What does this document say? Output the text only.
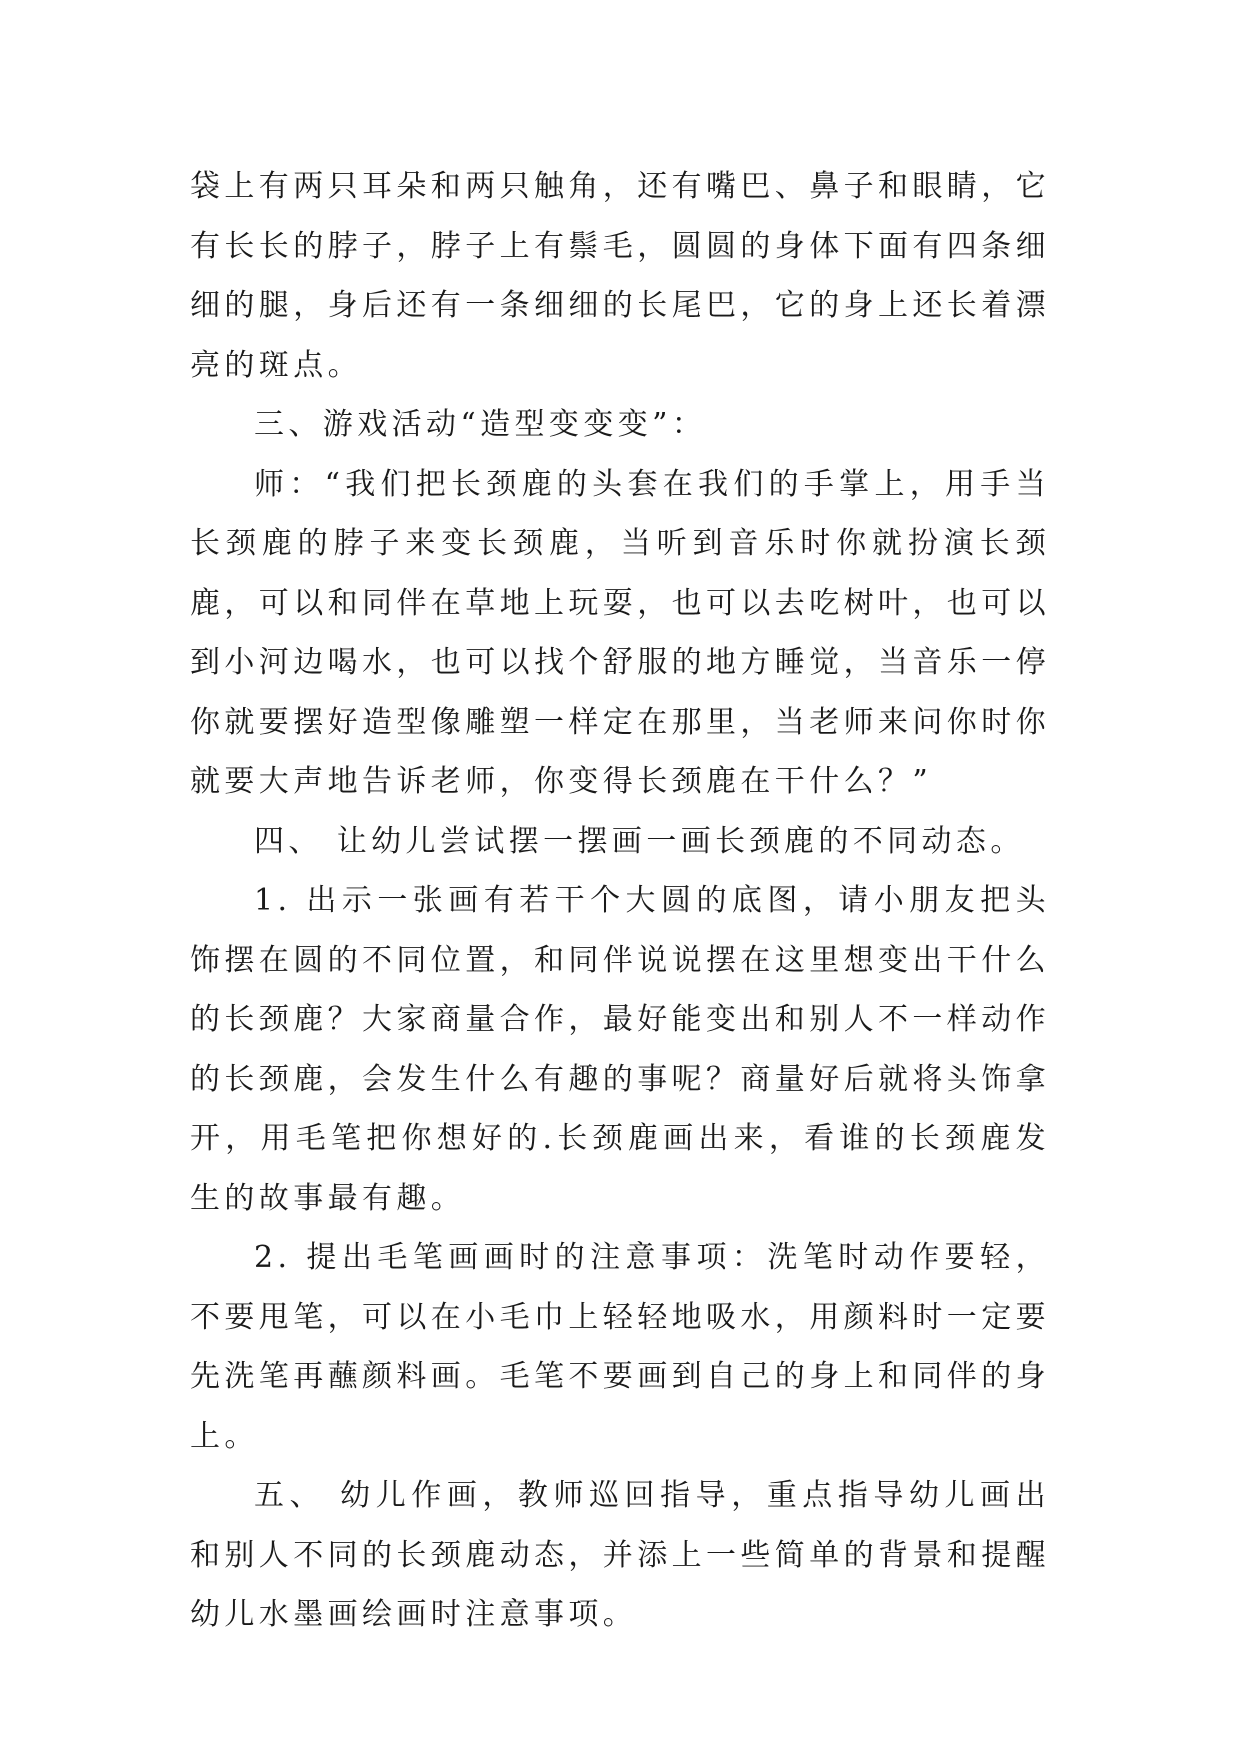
袋上有两只耳朵和两只触角，还有嘴巴、鼻子和眼睛，它有长长的脖子，脖子上有鬃毛，圆圆的身体下面有四条细细的腿，身后还有一条细细的长尾巴，它的身上还长着漂亮的斑点。

三、游戏活动“造型变变变”：

师：“我们把长颈鹿的头套在我们的手掌上，用手当长颈鹿的脖子来变长颈鹿，当听到音乐时你就扮演长颈鹿，可以和同伴在草地上玩耍，也可以去吃树叶，也可以到小河边喝水，也可以找个舒服的地方睡觉，当音乐一停你就要摆好造型像雕塑一样定在那里，当老师来问你时你就要大声地告诉老师，你变得长颈鹿在干什么？”

四、 让幼儿尝试摆一摆画一画长颈鹿的不同动态。

1. 出示一张画有若干个大圆的底图，请小朋友把头饰摆在圆的不同位置，和同伴说说摆在这里想变出干什么的长颈鹿？大家商量合作，最好能变出和别人不一样动作的长颈鹿，会发生什么有趣的事呢？商量好后就将头饰拿开，用毛笔把你想好的.长颈鹿画出来，看谁的长颈鹿发生的故事最有趣。

2. 提出毛笔画画时的注意事项：洗笔时动作要轻，不要甩笔，可以在小毛巾上轻轻地吸水，用颜料时一定要先洗笔再蘸颜料画。毛笔不要画到自己的身上和同伴的身上。

五、 幼儿作画，教师巡回指导，重点指导幼儿画出和别人不同的长颈鹿动态，并添上一些简单的背景和提醒幼儿水墨画绘画时注意事项。
